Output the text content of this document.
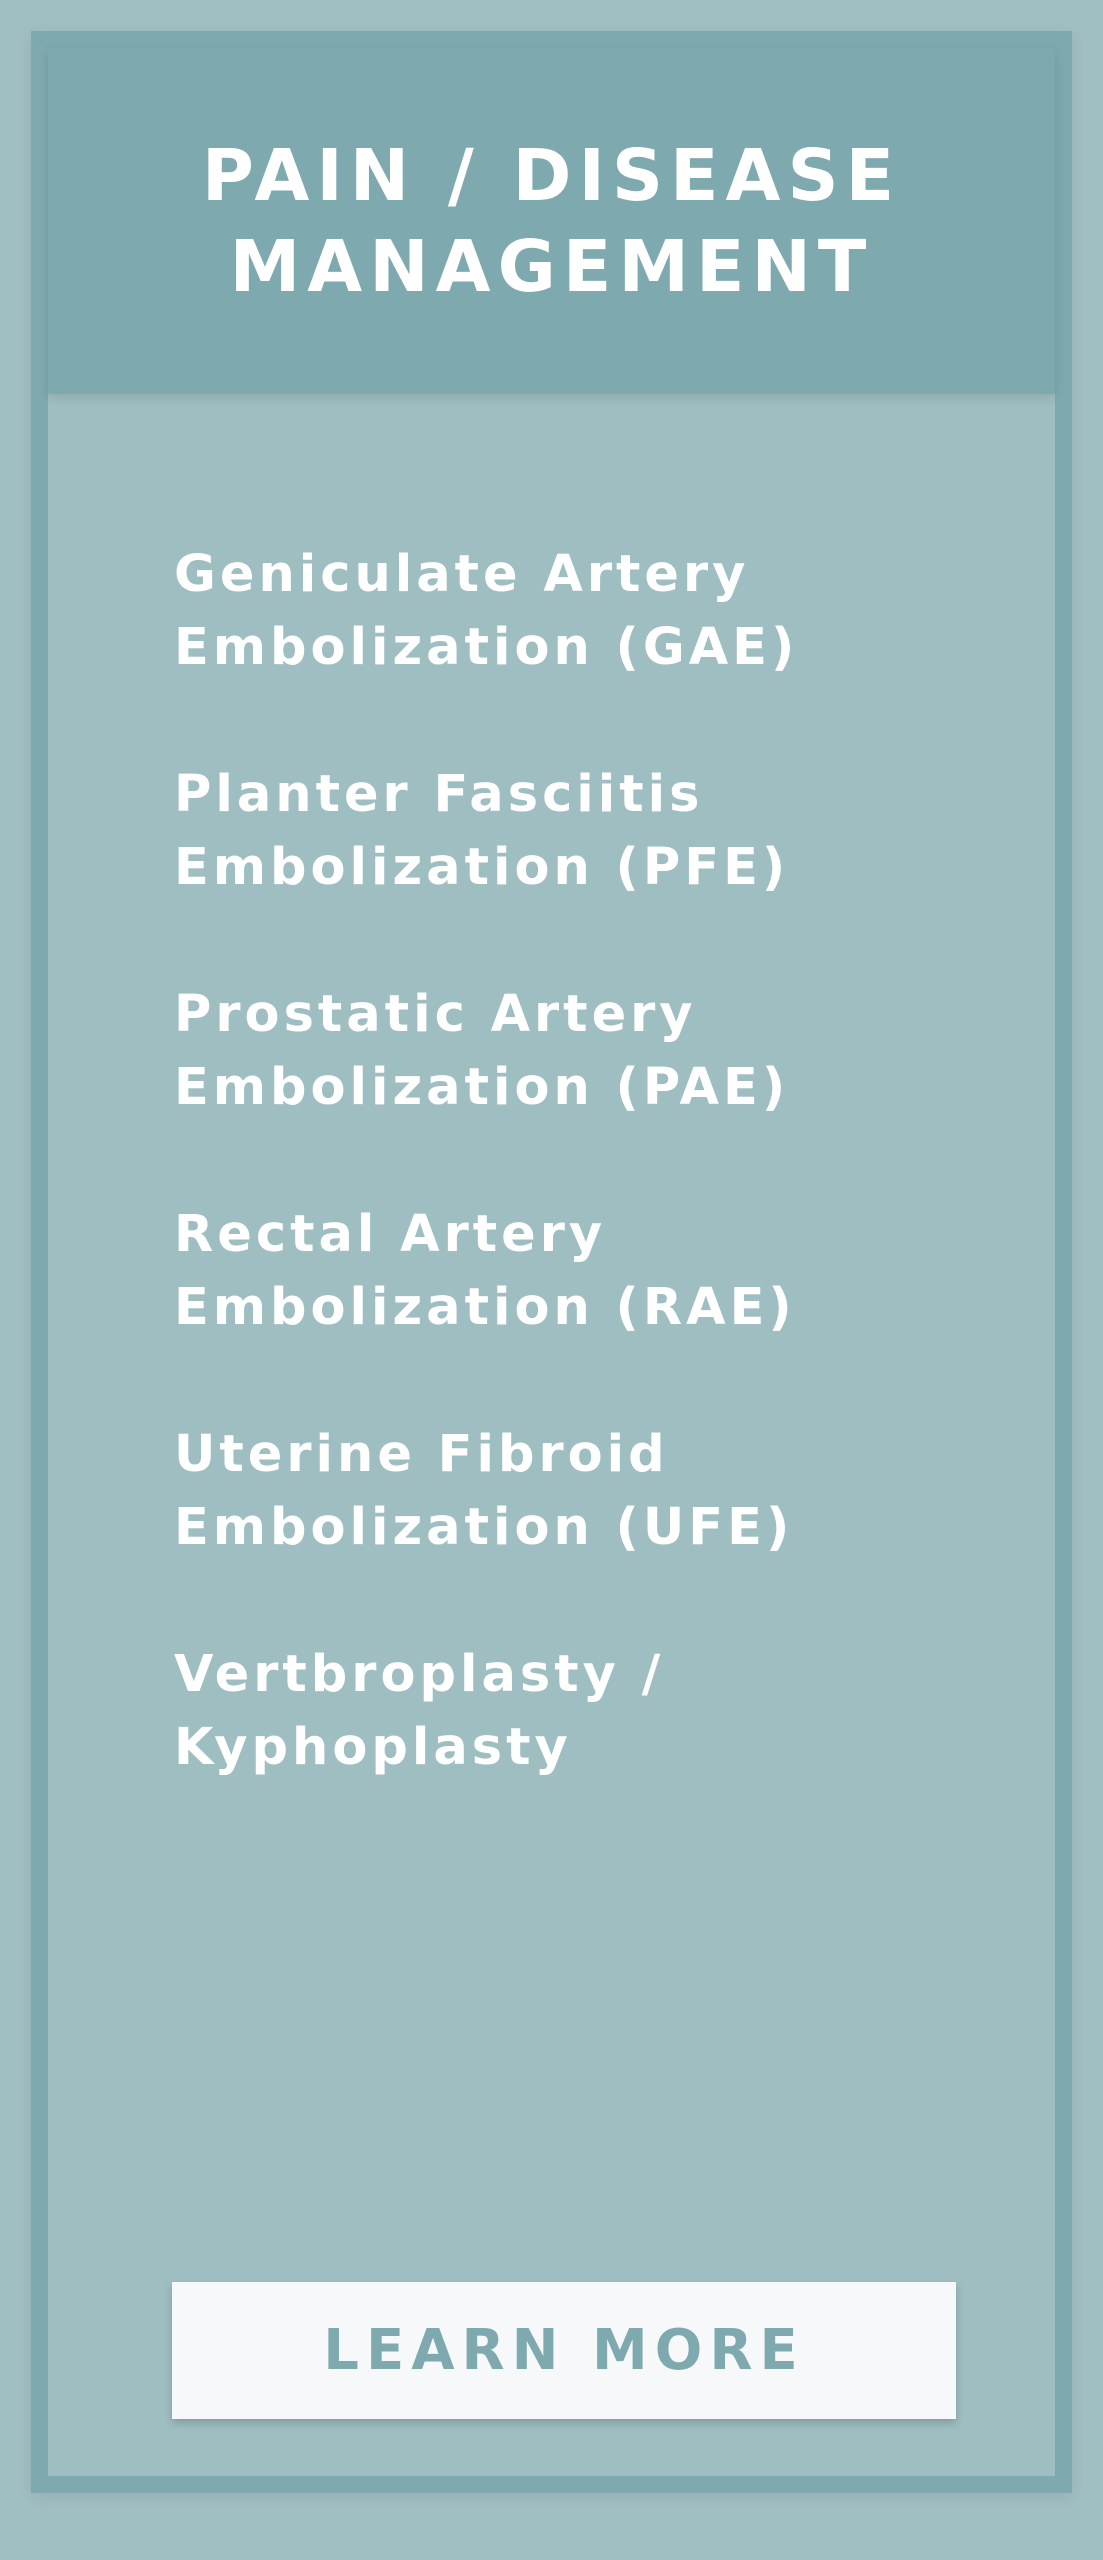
PAIN / DISEASE
MANAGEMENT
Geniculate Artery
Embolization (GAE)
Planter Fasciitis
Embolization (PFE)
Prostatic Artery
Embolization (PAE)
Rectal Artery
Embolization (RAE)
Uterine Fibroid
Embolization (UFE)
Vertbroplasty /
Kyphoplasty
LEARN MORE
